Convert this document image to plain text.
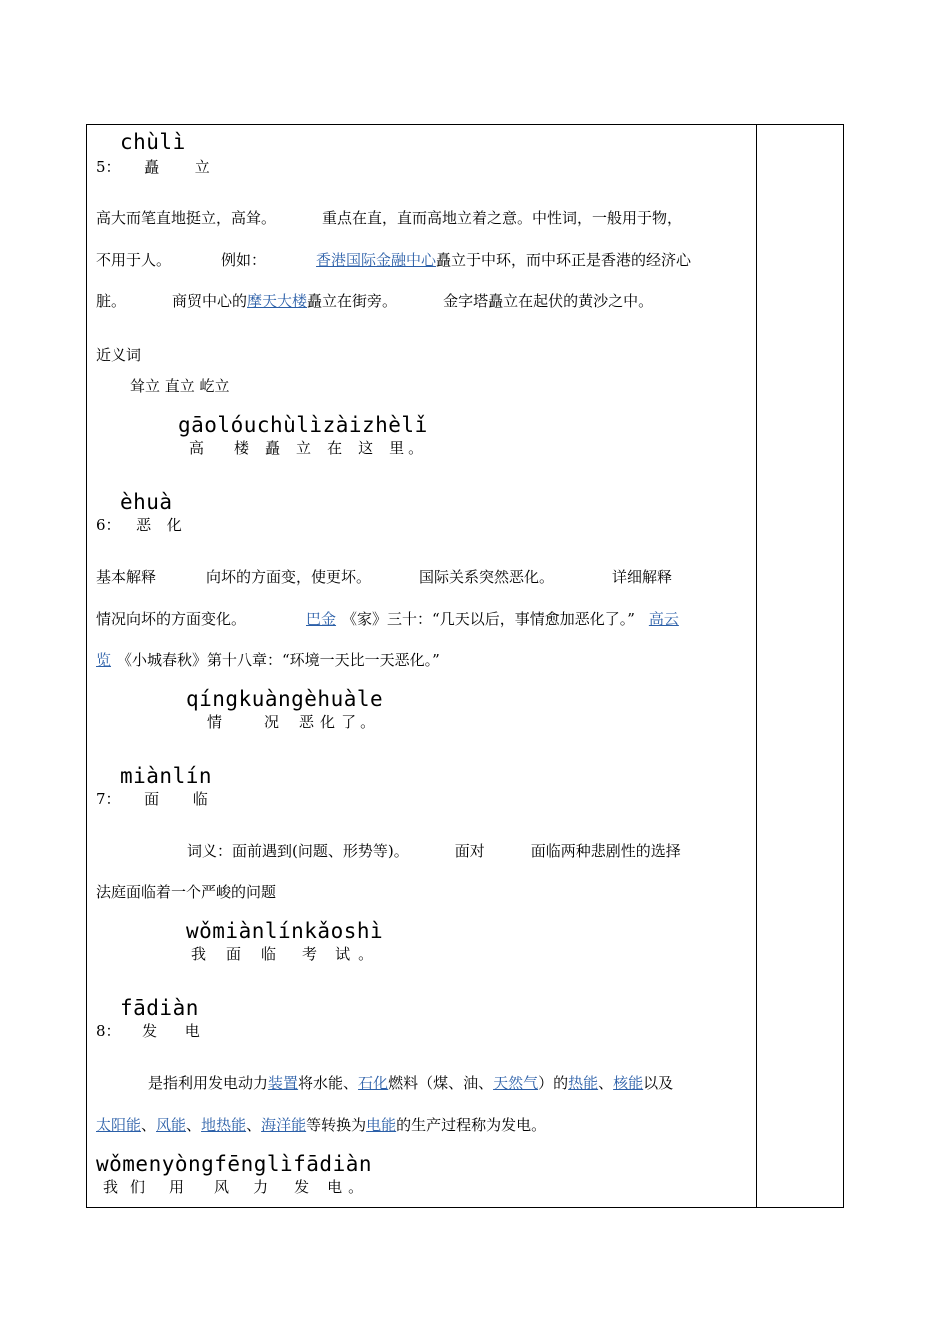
chùlì
5： 矗 立
高大而笔直地挺立，高耸。	重点在直，直而高地立着之意。中性词，一般用于物，
不用于人。	例如：	香港国际金融中心矗立于中环，而中环正是香港的经济心
脏。	商贸中心的摩天大楼矗立在街旁。	金字塔矗立在起伏的黄沙之中。
近义词
耸立 直立 屹立
gāolóuchùlìzàizhèlǐ
高 楼 矗 立 在 这 里 。
èhuà
6： 恶 化
基本解释	向坏的方面变，使更坏。	国际关系突然恶化。	详细解释
情况向坏的方面变化。	巴金 《家》三十：“几天以后，事情愈加恶化了。” 高云
览 《小城春秋》第十八章：“环境一天比一天恶化。”
qíngkuàngèhuàle
情	况 恶 化 了 。
miànlín
7： 面 临
词义：面前遇到(问题、形势等)。	面对	面临两种悲剧性的选择
法庭面临着一个严峻的问题
wǒmiànlínkǎoshì
我 面 临 考 试 。
fādiàn
8： 发 电
是指利用发电动力装置将水能、石化燃料（煤、油、天然气）的热能、核能以及
太阳能、风能、地热能、海洋能等转换为电能的生产过程称为发电。
wǒmenyòngfēnglìfādiàn
我 们 用 风 力 发 电 。
